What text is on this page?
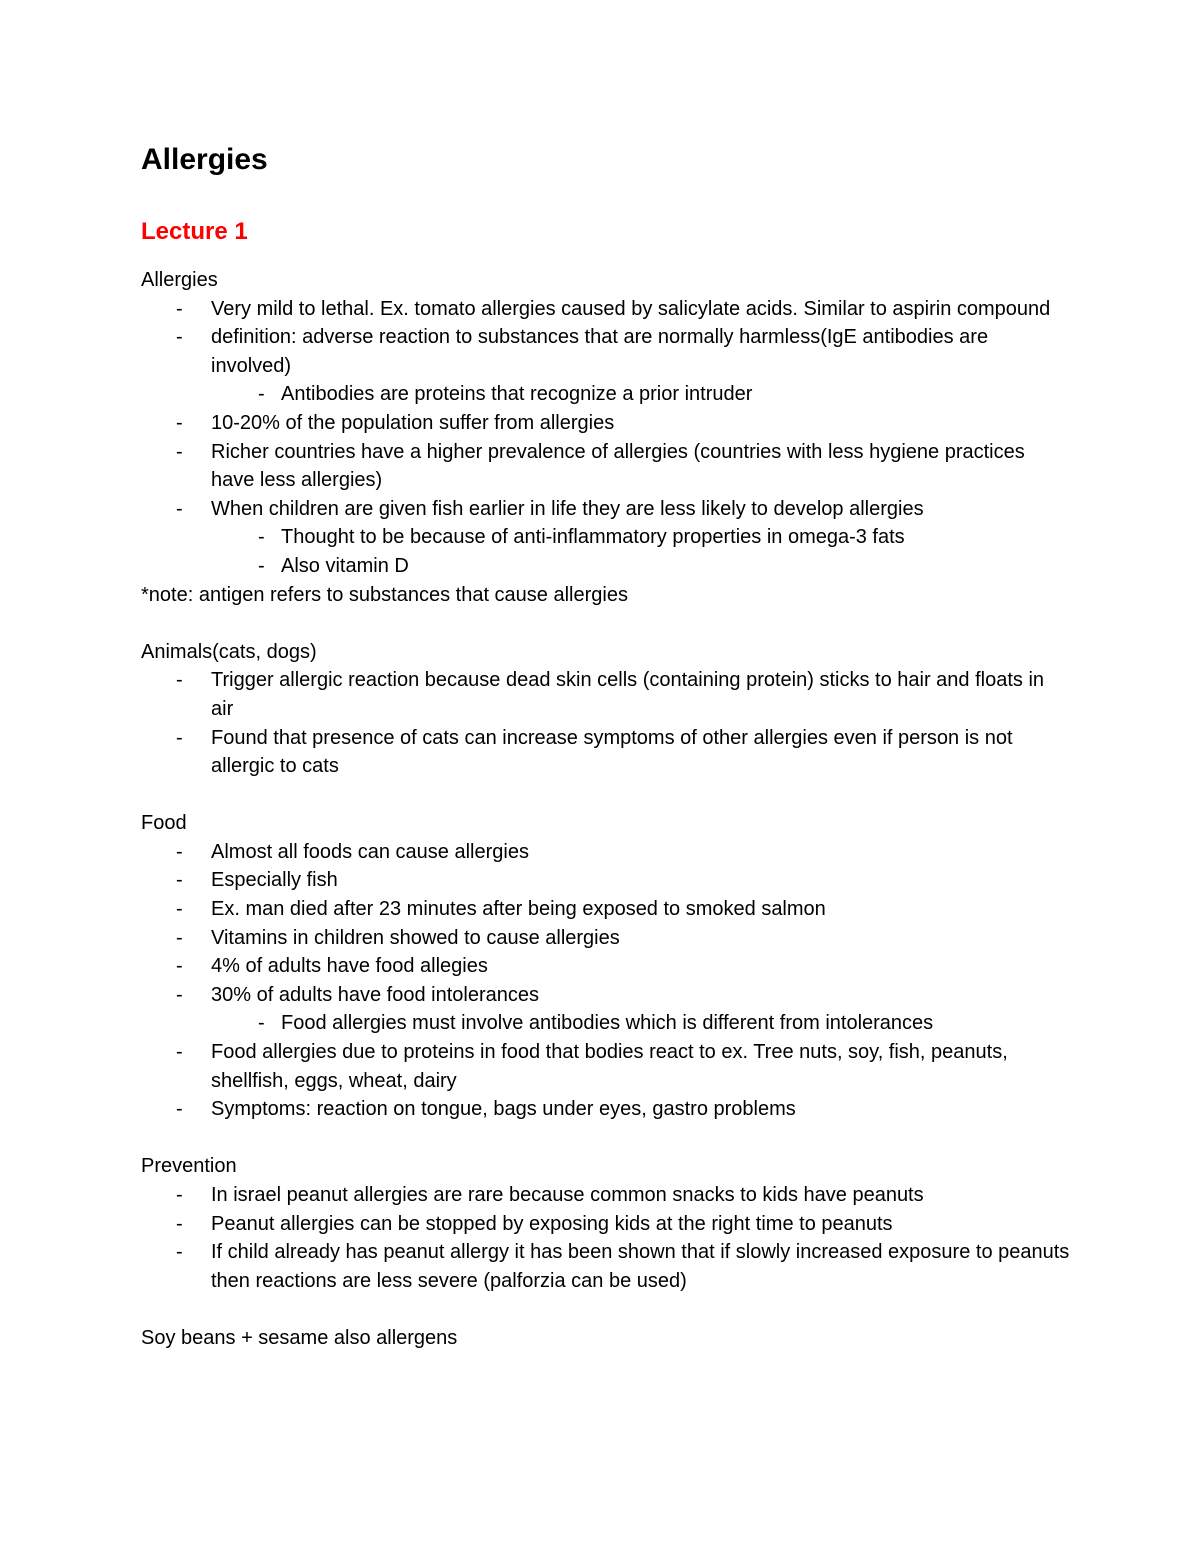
Allergies
Lecture 1

Allergies

- Very mild to lethal. Ex. tomato allergies caused by salicylate acids. Similar to aspirin compound
- definition: adverse reaction to substances that are normally harmless(IgE antibodies are involved)
- Antibodies are proteins that recognize a prior intruder
- 10-20% of the population suffer from allergies
- Richer countries have a higher prevalence of allergies (countries with less hygiene practices have less allergies)
- When children are given fish earlier in life they are less likely to develop allergies
- Thought to be because of anti-inflammatory properties in omega-3 fats
- Also vitamin D

*note: antigen refers to substances that cause allergies

Animals(cats, dogs)

- Trigger allergic reaction because dead skin cells (containing protein) sticks to hair and floats in air
- Found that presence of cats can increase symptoms of other allergies even if person is not allergic to cats

Food

- Almost all foods can cause allergies
- Especially fish
- Ex. man died after 23 minutes after being exposed to smoked salmon
- Vitamins in children showed to cause allergies
- 4% of adults have food allegies
- 30% of adults have food intolerances
- Food allergies must involve antibodies which is different from intolerances
- Food allergies due to proteins in food that bodies react to ex. Tree nuts, soy, fish, peanuts, shellfish, eggs, wheat, dairy
- Symptoms: reaction on tongue, bags under eyes, gastro problems

Prevention

- In israel peanut allergies are rare because common snacks to kids have peanuts
- Peanut allergies can be stopped by exposing kids at the right time to peanuts
- If child already has peanut allergy it has been shown that if slowly increased exposure to peanuts then reactions are less severe (palforzia can be used)

Soy beans + sesame also allergens
